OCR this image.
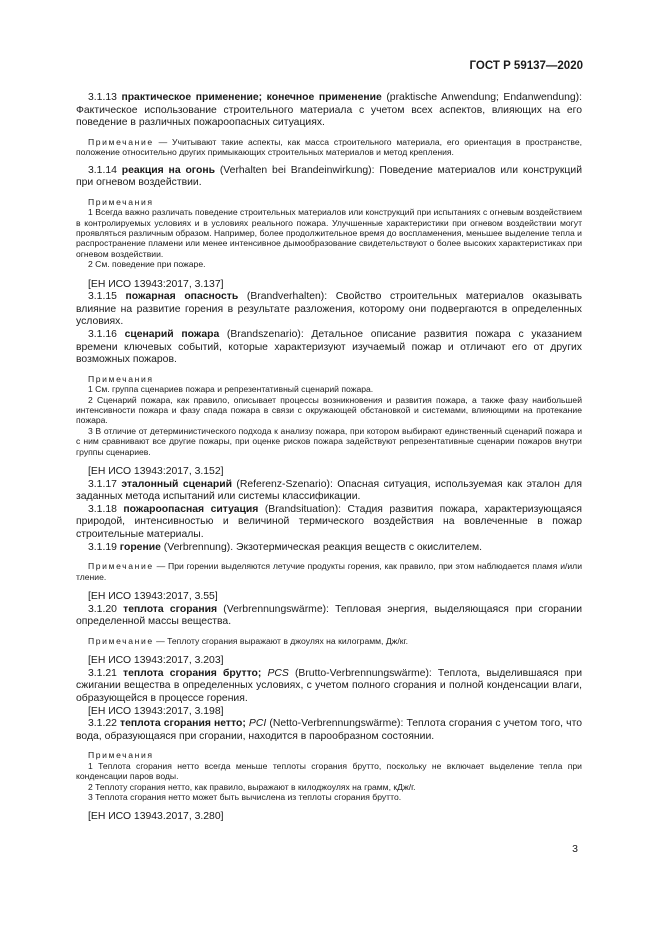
ГОСТ Р 59137—2020

3.1.13 практическое применение; конечное применение (praktische Anwendung; Endanwendung): Фактическое использование строительного материала с учетом всех аспектов, влияющих на его поведение в различных пожароопасных ситуациях.

Примечание — Учитывают такие аспекты, как масса строительного материала, его ориентация в пространстве, положение относительно других примыкающих строительных материалов и метод крепления.

3.1.14 реакция на огонь (Verhalten bei Brandeinwirkung): Поведение материалов или конструкций при огневом воздействии.

Примечания

1 Всегда важно различать поведение строительных материалов или конструкций при испытаниях с огневым воздействием в контролируемых условиях и в условиях реального пожара. Улучшенные характеристики при огневом воздействии могут проявляться различным образом. Например, более продолжительное время до воспламенения, меньшее выделение тепла и распространение пламени или менее интенсивное дымообразование свидетельствуют о более высоких характеристиках при огневом воздействии.

2 См. поведение при пожаре.

[ЕН ИСО 13943:2017, 3.137]

3.1.15 пожарная опасность (Brandverhalten): Свойство строительных материалов оказывать влияние на развитие горения в результате разложения, которому они подвергаются в определенных условиях.

3.1.16 сценарий пожара (Brandszenario): Детальное описание развития пожара с указанием времени ключевых событий, которые характеризуют изучаемый пожар и отличают его от других возможных пожаров.

Примечания

1 См. группа сценариев пожара и репрезентативный сценарий пожара.

2 Сценарий пожара, как правило, описывает процессы возникновения и развития пожара, а также фазу наибольшей интенсивности пожара и фазу спада пожара в связи с окружающей обстановкой и системами, влияющими на протекание пожара.

3 В отличие от детерминистического подхода к анализу пожара, при котором выбирают единственный сценарий пожара и с ним сравнивают все другие пожары, при оценке рисков пожара задействуют репрезентативные сценарии пожаров внутри группы сценариев.

[ЕН ИСО 13943:2017, 3.152]

3.1.17 эталонный сценарий (Referenz-Szenario): Опасная ситуация, используемая как эталон для заданных метода испытаний или системы классификации.

3.1.18 пожароопасная ситуация (Brandsituation): Стадия развития пожара, характеризующаяся природой, интенсивностью и величиной термического воздействия на вовлеченные в пожар строительные материалы.

3.1.19 горение (Verbrennung). Экзотермическая реакция веществ с окислителем.

Примечание — При горении выделяются летучие продукты горения, как правило, при этом наблюдается пламя и/или тление.

[ЕН ИСО 13943:2017, 3.55]

3.1.20 теплота сгорания (Verbrennungswärme): Тепловая энергия, выделяющаяся при сгорании определенной массы вещества.

Примечание — Теплоту сгорания выражают в джоулях на килограмм, Дж/кг.

[ЕН ИСО 13943:2017, 3.203]

3.1.21 теплота сгорания брутто; PCS (Brutto-Verbrennungswärme): Теплота, выделившаяся при сжигании вещества в определенных условиях, с учетом полного сгорания и полной конденсации влаги, образующейся в процессе горения.

[ЕН ИСО 13943:2017, 3.198]

3.1.22 теплота сгорания нетто; PCI (Netto-Verbrennungswärme): Теплота сгорания с учетом того, что вода, образующаяся при сгорании, находится в парообразном состоянии.

Примечания

1 Теплота сгорания нетто всегда меньше теплоты сгорания брутто, поскольку не включает выделение тепла при конденсации паров воды.

2 Теплоту сгорания нетто, как правило, выражают в килоджоулях на грамм, кДж/г.

3 Теплота сгорания нетто может быть вычислена из теплоты сгорания брутто.

[ЕН ИСО 13943.2017, 3.280]

3
